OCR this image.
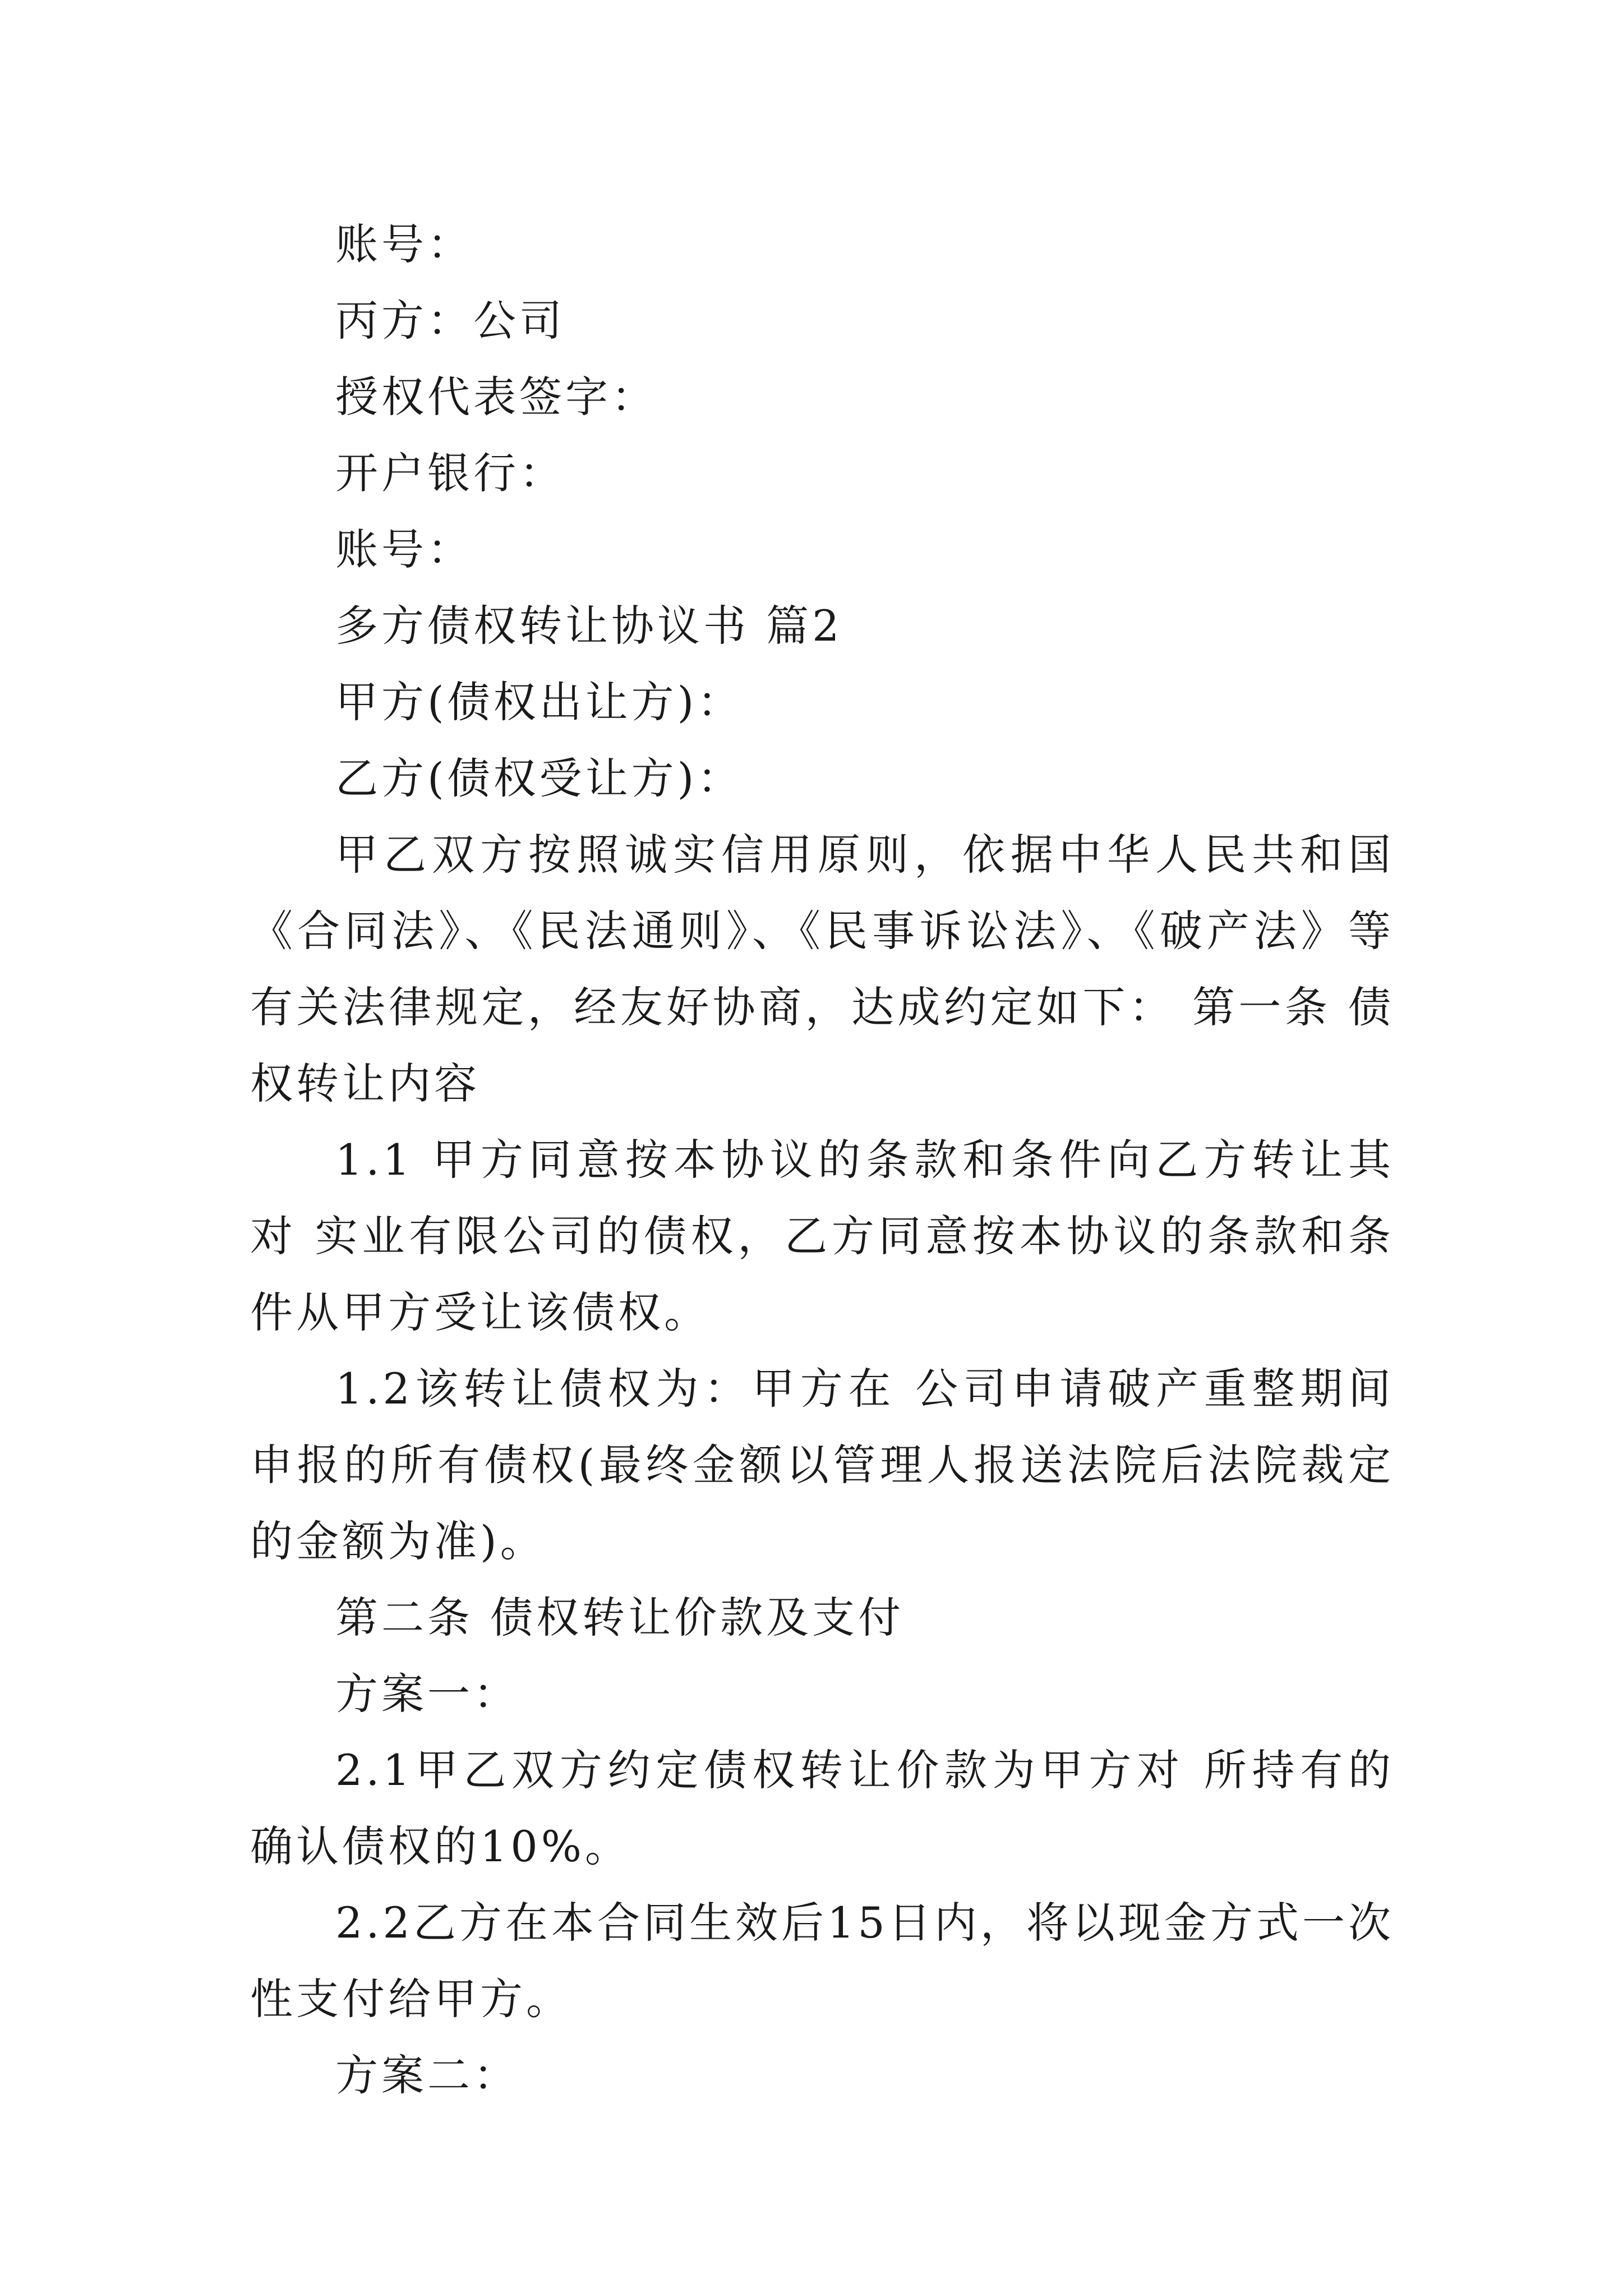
账号：

丙方：公司

授权代表签字：

开户银行：

账号：

多方债权转让协议书 篇2

甲方(债权出让方)：

乙方(债权受让方)：

甲乙双方按照诚实信用原则，依据中华人民共和国《合同法》、《民法通则》、《民事诉讼法》、《破产法》等有关法律规定，经友好协商，达成约定如下： 第一条 债权转让内容

1.1 甲方同意按本协议的条款和条件向乙方转让其对 实业有限公司的债权，乙方同意按本协议的条款和条件从甲方受让该债权。

1.2该转让债权为：甲方在 公司申请破产重整期间申报的所有债权(最终金额以管理人报送法院后法院裁定的金额为准)。

第二条 债权转让价款及支付

方案一：

2.1甲乙双方约定债权转让价款为甲方对 所持有的确认债权的10%。

2.2乙方在本合同生效后15日内，将以现金方式一次性支付给甲方。

方案二：
